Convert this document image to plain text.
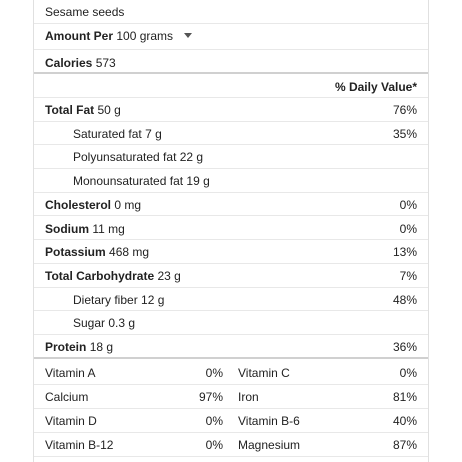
Sesame seeds
Amount Per 100 grams
Calories 573
% Daily Value*
Total Fat 50 g	76%
Saturated fat 7 g	35%
Polyunsaturated fat 22 g
Monounsaturated fat 19 g
Cholesterol 0 mg	0%
Sodium 11 mg	0%
Potassium 468 mg	13%
Total Carbohydrate 23 g	7%
Dietary fiber 12 g	48%
Sugar 0.3 g
Protein 18 g	36%
Vitamin A	0% Vitamin C	0%
Calcium	97% Iron	81%
Vitamin D	0% Vitamin B-6	40%
Vitamin B-12	0% Magnesium	87%
